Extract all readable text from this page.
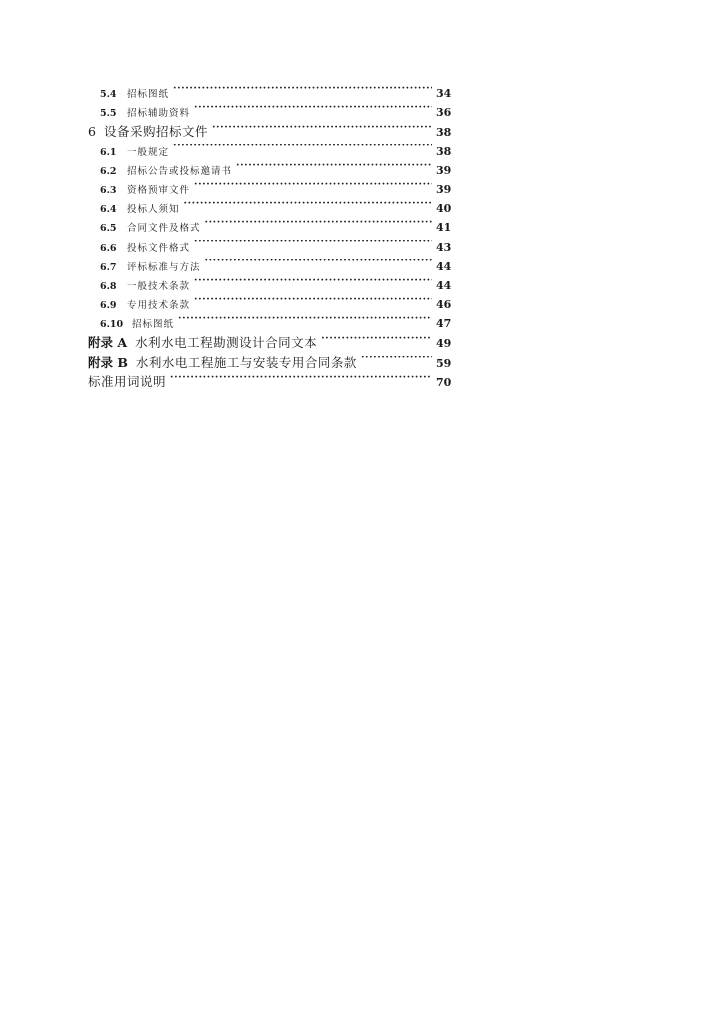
5.4	招标图纸 ·····	34
5.5	招标辅助资料 ·····	36
6 设备采购招标文件 ·····	38
6.1	一般规定 ·····	38
6.2	招标公告或投标邀请书 ·····	39
6.3	资格预审文件 ·····	39
6.4	投标人须知 ·····	40
6.5	合同文件及格式 ·····	41
6.6	投标文件格式 ·····	43
6.7	评标标准与方法 ·····	44
6.8	一般技术条款 ·····	44
6.9	专用技术条款 ·····	46
6.10 招标图纸 ·····	47
附录 A 水利水电工程勘测设计合同文本 ·····	49
附录 B 水利水电工程施工与安装专用合同条款 ·····	59
标准用词说明 ·····	70
